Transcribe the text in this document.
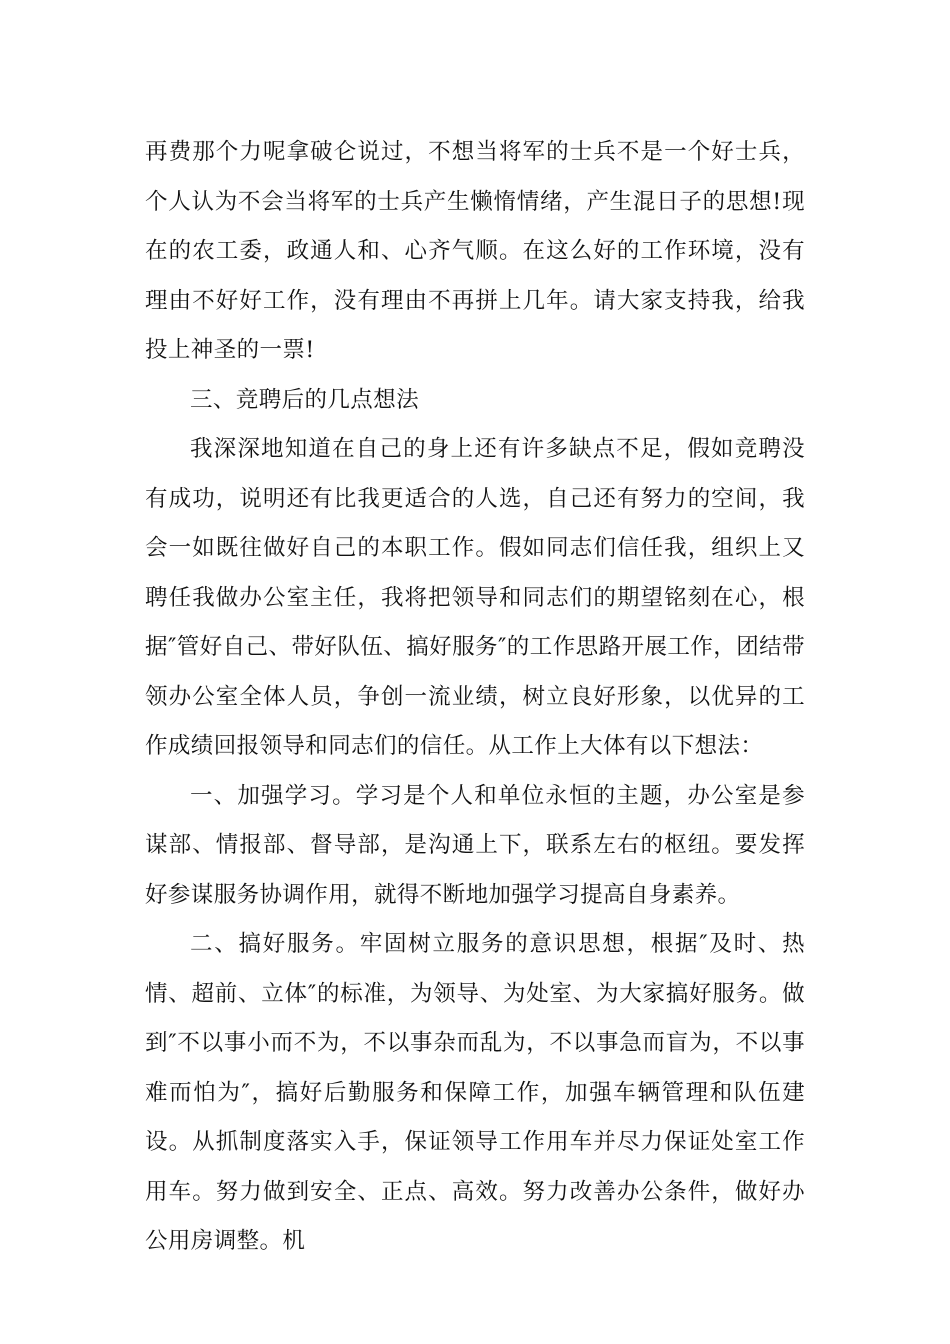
再费那个力呢拿破仑说过，不想当将军的士兵不是一个好士兵，个人认为不会当将军的士兵产生懒惰情绪，产生混日子的思想!现在的农工委，政通人和、心齐气顺。在这么好的工作环境，没有理由不好好工作，没有理由不再拼上几年。请大家支持我，给我投上神圣的一票!

三、竞聘后的几点想法

我深深地知道在自己的身上还有许多缺点不足，假如竞聘没有成功，说明还有比我更适合的人选，自己还有努力的空间，我会一如既往做好自己的本职工作。假如同志们信任我，组织上又聘任我做办公室主任，我将把领导和同志们的期望铭刻在心，根据″管好自己、带好队伍、搞好服务″的工作思路开展工作，团结带领办公室全体人员，争创一流业绩，树立良好形象，以优异的工作成绩回报领导和同志们的信任。从工作上大体有以下想法：

一、加强学习。学习是个人和单位永恒的主题，办公室是参谋部、情报部、督导部，是沟通上下，联系左右的枢纽。要发挥好参谋服务协调作用，就得不断地加强学习提高自身素养。

二、搞好服务。牢固树立服务的意识思想，根据″及时、热情、超前、立体″的标准，为领导、为处室、为大家搞好服务。做到″不以事小而不为，不以事杂而乱为，不以事急而盲为，不以事难而怕为″，搞好后勤服务和保障工作，加强车辆管理和队伍建设。从抓制度落实入手，保证领导工作用车并尽力保证处室工作用车。努力做到安全、正点、高效。努力改善办公条件，做好办公用房调整。机
